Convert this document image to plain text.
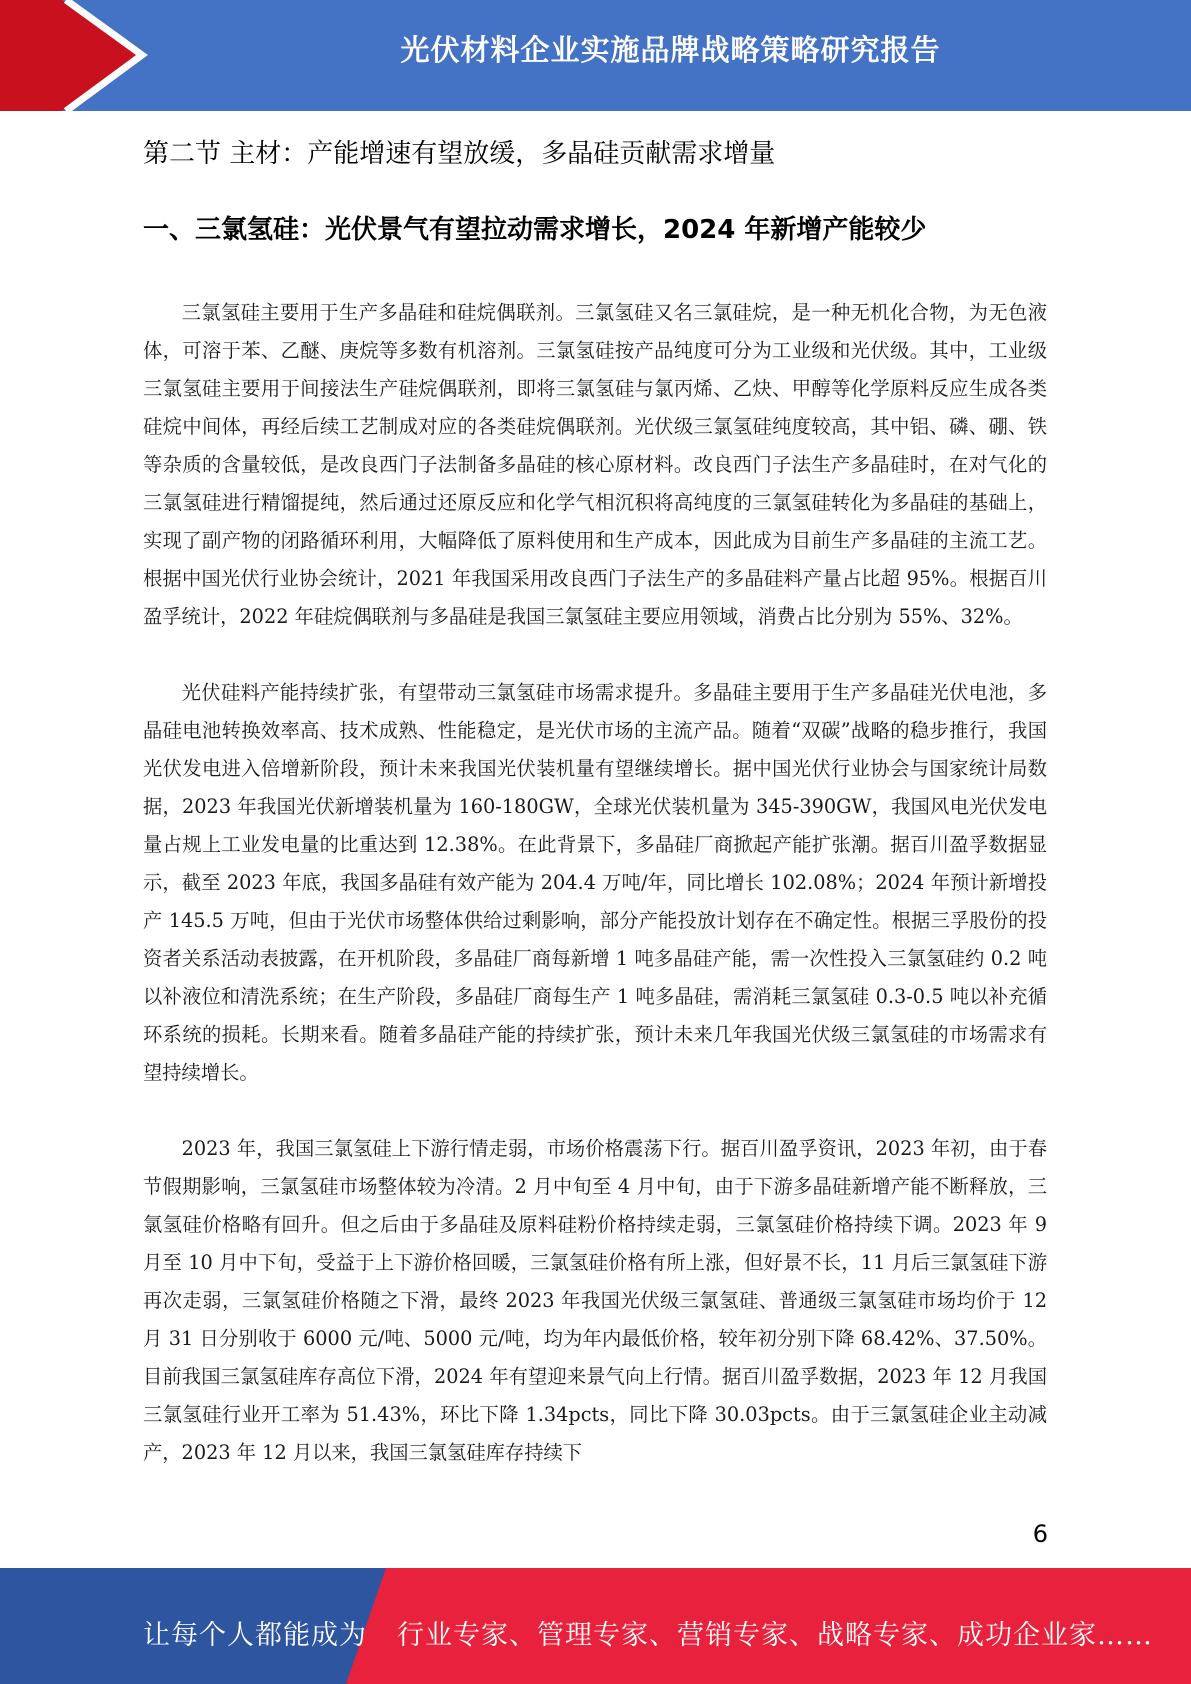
光伏材料企业实施品牌战略策略研究报告
第二节 主材：产能增速有望放缓，多晶硅贡献需求增量
一、三氯氢硅：光伏景气有望拉动需求增长，2024 年新增产能较少

三氯氢硅主要用于生产多晶硅和硅烷偶联剂。三氯氢硅又名三氯硅烷，是一种无机化合物，为无色液体，可溶于苯、乙醚、庚烷等多数有机溶剂。三氯氢硅按产品纯度可分为工业级和光伏级。其中，工业级三氯氢硅主要用于间接法生产硅烷偶联剂，即将三氯氢硅与氯丙烯、乙炔、甲醇等化学原料反应生成各类硅烷中间体，再经后续工艺制成对应的各类硅烷偶联剂。光伏级三氯氢硅纯度较高，其中铝、磷、硼、铁等杂质的含量较低，是改良西门子法制备多晶硅的核心原材料。改良西门子法生产多晶硅时，在对气化的三氯氢硅进行精馏提纯，然后通过还原反应和化学气相沉积将高纯度的三氯氢硅转化为多晶硅的基础上，实现了副产物的闭路循环利用，大幅降低了原料使用和生产成本，因此成为目前生产多晶硅的主流工艺。根据中国光伏行业协会统计，2021 年我国采用改良西门子法生产的多晶硅料产量占比超 95%。根据百川盈孚统计，2022 年硅烷偶联剂与多晶硅是我国三氯氢硅主要应用领域，消费占比分别为 55%、32%。

光伏硅料产能持续扩张，有望带动三氯氢硅市场需求提升。多晶硅主要用于生产多晶硅光伏电池，多晶硅电池转换效率高、技术成熟、性能稳定，是光伏市场的主流产品。随着“双碳”战略的稳步推行，我国光伏发电进入倍增新阶段，预计未来我国光伏装机量有望继续增长。据中国光伏行业协会与国家统计局数据，2023 年我国光伏新增装机量为 160-180GW，全球光伏装机量为 345-390GW，我国风电光伏发电量占规上工业发电量的比重达到 12.38%。在此背景下，多晶硅厂商掀起产能扩张潮。据百川盈孚数据显示，截至 2023 年底，我国多晶硅有效产能为 204.4 万吨/年，同比增长 102.08%；2024 年预计新增投产 145.5 万吨，但由于光伏市场整体供给过剩影响，部分产能投放计划存在不确定性。根据三孚股份的投资者关系活动表披露，在开机阶段，多晶硅厂商每新增 1 吨多晶硅产能，需一次性投入三氯氢硅约 0.2 吨以补液位和清洗系统；在生产阶段，多晶硅厂商每生产 1 吨多晶硅，需消耗三氯氢硅 0.3-0.5 吨以补充循环系统的损耗。长期来看。随着多晶硅产能的持续扩张，预计未来几年我国光伏级三氯氢硅的市场需求有望持续增长。

2023 年，我国三氯氢硅上下游行情走弱，市场价格震荡下行。据百川盈孚资讯，2023 年初，由于春节假期影响，三氯氢硅市场整体较为冷清。2 月中旬至 4 月中旬，由于下游多晶硅新增产能不断释放，三氯氢硅价格略有回升。但之后由于多晶硅及原料硅粉价格持续走弱，三氯氢硅价格持续下调。2023 年 9 月至 10 月中下旬，受益于上下游价格回暖，三氯氢硅价格有所上涨，但好景不长，11 月后三氯氢硅下游再次走弱，三氯氢硅价格随之下滑，最终 2023 年我国光伏级三氯氢硅、普通级三氯氢硅市场均价于 12 月 31 日分别收于 6000 元/吨、5000 元/吨，均为年内最低价格，较年初分别下降 68.42%、37.50%。目前我国三氯氢硅库存高位下滑，2024 年有望迎来景气向上行情。据百川盈孚数据，2023 年 12 月我国三氯氢硅行业开工率为 51.43%，环比下降 1.34pcts，同比下降 30.03pcts。由于三氯氢硅企业主动减产，2023 年 12 月以来，我国三氯氢硅库存持续下

6
让每个人都能成为 行业专家、管理专家、营销专家、战略专家、成功企业家……
